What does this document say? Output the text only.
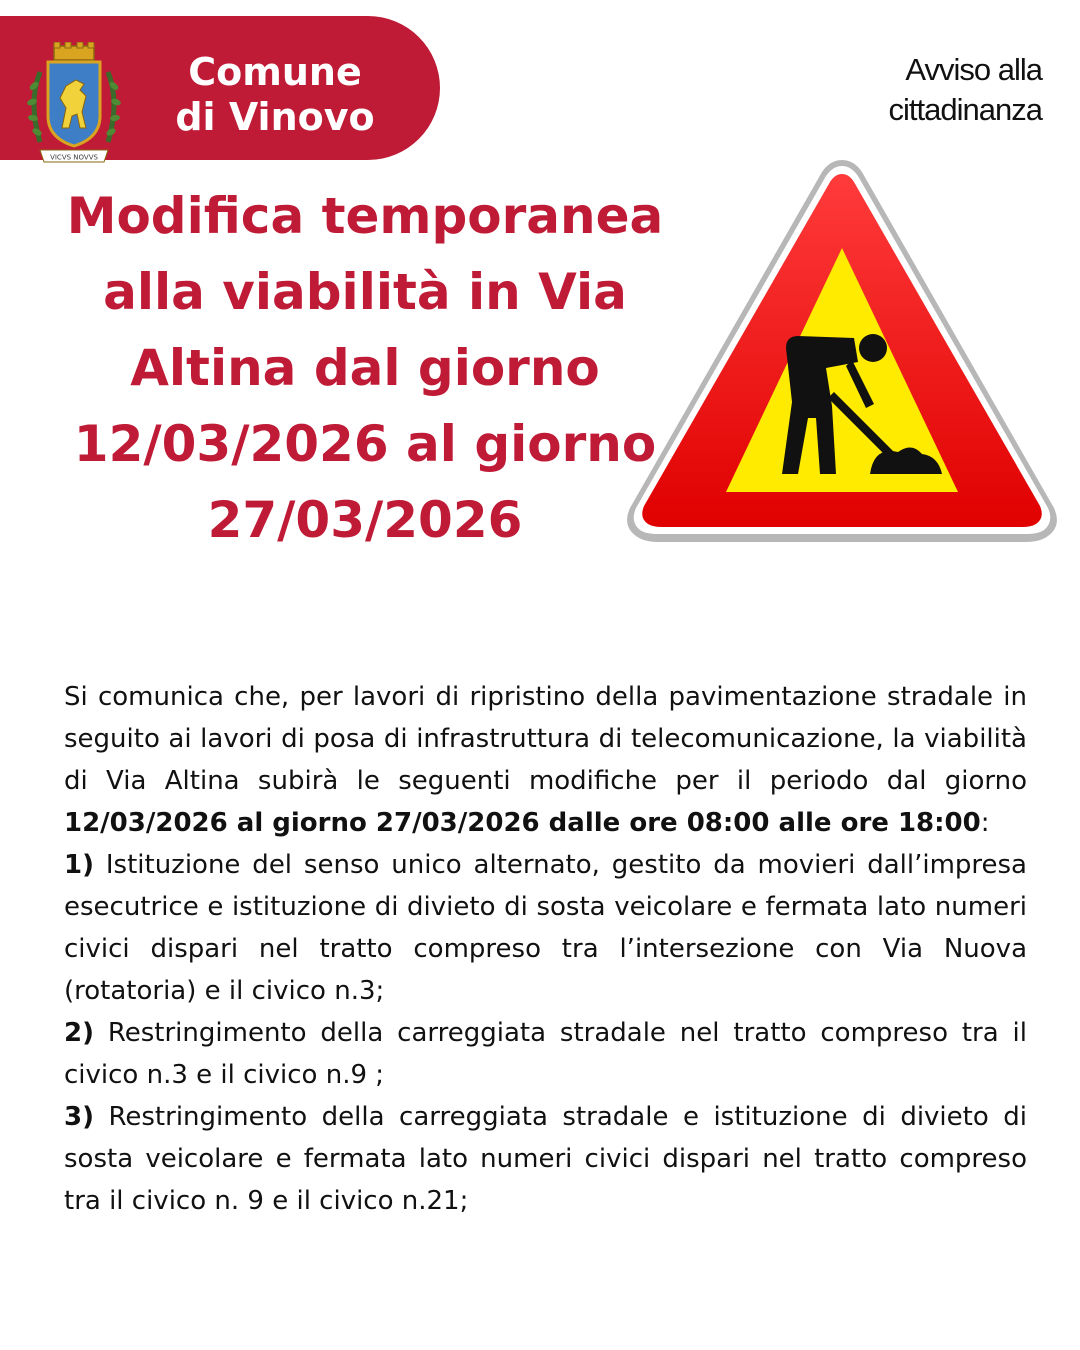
VICVS NOVVS
Comune
di Vinovo
Avviso alla
cittadinanza
Modifica temporanea alla viabilità in Via Altina dal giorno 12/03/2026 al giorno 27/03/2026

Si comunica che, per lavori di ripristino della pavimentazione stradale in seguito ai lavori di posa di infrastruttura di telecomunicazione, la viabilità di Via Altina subirà le seguenti modifiche per il periodo dal giorno 12/03/2026 al giorno 27/03/2026 dalle ore 08:00 alle ore 18:00:

1) Istituzione del senso unico alternato, gestito da movieri dall’impresa esecutrice e istituzione di divieto di sosta veicolare e fermata lato numeri civici dispari nel tratto compreso tra l’intersezione con Via Nuova (rotatoria) e il civico n.3;

2) Restringimento della carreggiata stradale nel tratto compreso tra il civico n.3 e il civico n.9 ;

3) Restringimento della carreggiata stradale e istituzione di divieto di sosta veicolare e fermata lato numeri civici dispari nel tratto compreso tra il civico n. 9 e il civico n.21;
